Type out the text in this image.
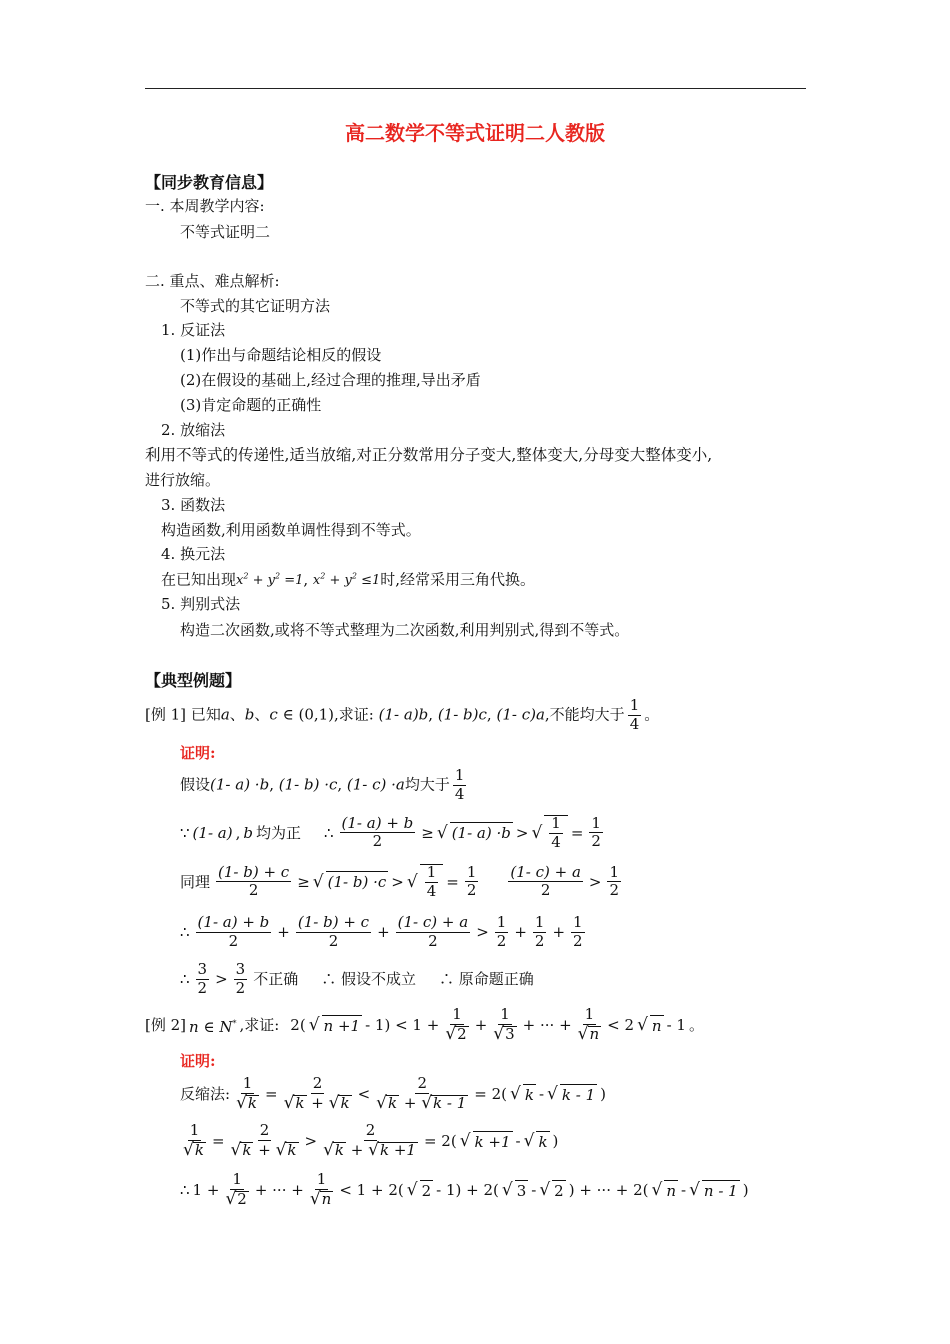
高二数学不等式证明二人教版
【同步教育信息】
一. 本周教学内容:
不等式证明二
二. 重点、难点解析:
不等式的其它证明方法
1. 反证法
(1)作出与命题结论相反的假设
(2)在假设的基础上,经过合理的推理,导出矛盾
(3)肯定命题的正确性
2. 放缩法
利用不等式的传递性,适当放缩,对正分数常用分子变大,整体变大,分母变大整体变小,
进行放缩。
3. 函数法
构造函数,利用函数单调性得到不等式。
4. 换元法
在已知出现$x^2 + y^2 =1$, $x^2 + y^2 \le 1$时,经常采用三角代换。
5. 判别式法
构造二次函数,或将不等式整理为二次函数,利用判别式,得到不等式。
【典型例题】
[例 1] 已知a、b、c ∈ (0,1),求证: (1- a)b, (1- b)c, (1- c)a,不能均大于 $\frac{1}{4}$ 。
证明:
假设(1- a) ·b, (1- b) ·c, (1- c) ·a均大于 $\frac{1}{4}$
∵ (1- a) , b 均为正 ∴ $\frac{(1- a) + b}{2}$ ≥ √ (1- a) ·b > √ $\frac{1}{4} = \frac{1}{2}$
同理 $\frac{(1- b) + c}{2}$ ≥ √ (1- b) ·c > √ $\frac{1}{4} = \frac{1}{2} \frac{(1- c) + a}{2} > \frac{1}{2}$
∴ $\frac{(1- a) + b}{2} + \frac{(1- b) + c}{2} + \frac{(1- c) + a}{2} > \frac{1}{2} + \frac{1}{2} + \frac{1}{2}$
∴ $\frac{3}{2} > \frac{3}{2}$ 不正确 ∴ 假设不成立 ∴ 原命题正确
[例 2] n ∈ N* ,求证: 2( √ $n +1 - 1) < 1 + \frac{1}{√2} + \frac{1}{√3}$ + ··· + $\frac{1}{√n} < 2$ √ n - 1 。
证明:
反缩法: $\frac{1}{√k} = \frac{2}{√k + √k} < \frac{2}{√k + √k - 1} = 2$( √ k - √ k - 1 )
$\frac{1}{√k} = \frac{2}{√k + √k} > \frac{2}{√k + √k +1} = 2$( √ k +1 - √ k )
∴ $1 + \frac{1}{√2}$ + ··· + $\frac{1}{√n} < 1 + 2$( √ 2 - 1) + 2( √ 3 - √ 2 ) + ··· + 2( √ n - √ n - 1 )
